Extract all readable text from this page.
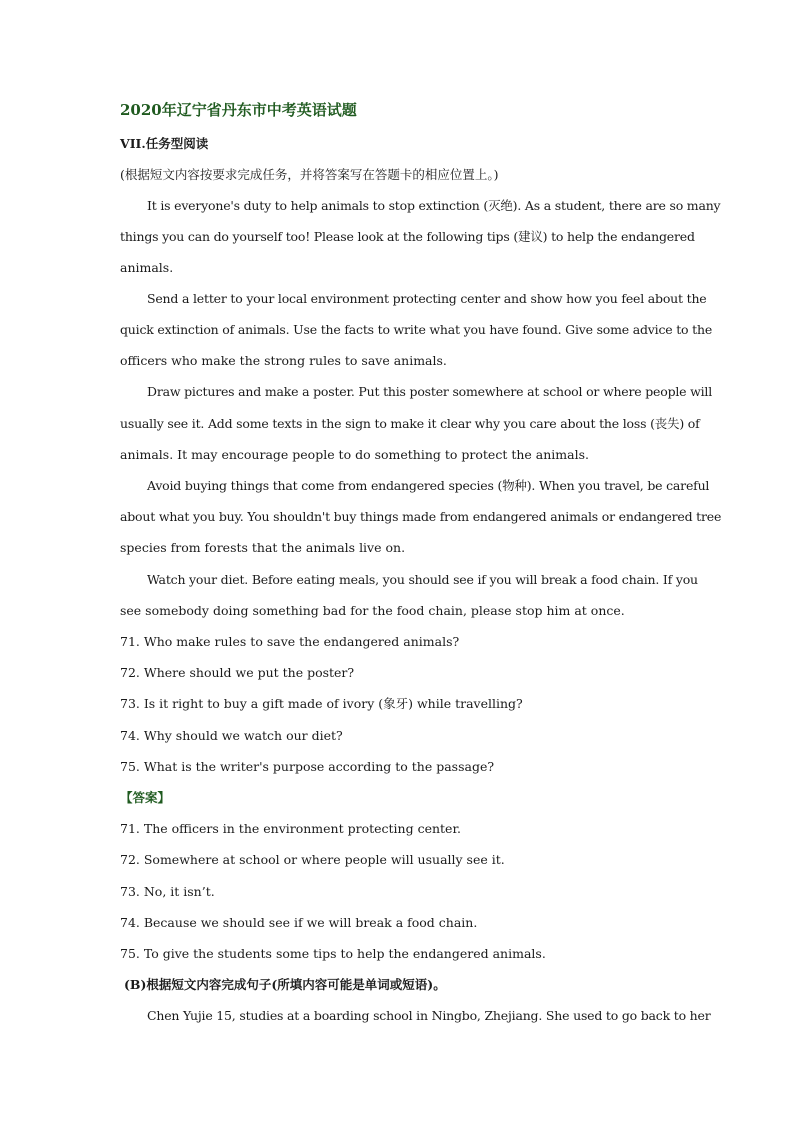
2020年辽宁省丹东市中考英语试题
VII.任务型阅读
(根据短文内容按要求完成任务，并将答案写在答题卡的相应位置上。)
It is everyone's duty to help animals to stop extinction (灭绝). As a student, there are so many
things you can do yourself too! Please look at the following tips (建议) to help the endangered
animals.
Send a letter to your local environment protecting center and show how you feel about the
quick extinction of animals. Use the facts to write what you have found. Give some advice to the
officers who make the strong rules to save animals.
Draw pictures and make a poster. Put this poster somewhere at school or where people will
usually see it. Add some texts in the sign to make it clear why you care about the loss (丧失) of
animals. It may encourage people to do something to protect the animals.
Avoid buying things that come from endangered species (物种). When you travel, be careful
about what you buy. You shouldn't buy things made from endangered animals or endangered tree
species from forests that the animals live on.
Watch your diet. Before eating meals, you should see if you will break a food chain. If you
see somebody doing something bad for the food chain, please stop him at once.
71. Who make rules to save the endangered animals?
72. Where should we put the poster?
73. Is it right to buy a gift made of ivory (象牙) while travelling?
74. Why should we watch our diet?
75. What is the writer's purpose according to the passage?
【答案】
71. The officers in the environment protecting center.
72. Somewhere at school or where people will usually see it.
73. No, it isn’t.
74. Because we should see if we will break a food chain.
75. To give the students some tips to help the endangered animals.
(B)根据短文内容完成句子(所填内容可能是单词或短语)。
Chen Yujie 15, studies at a boarding school in Ningbo, Zhejiang. She used to go back to her
